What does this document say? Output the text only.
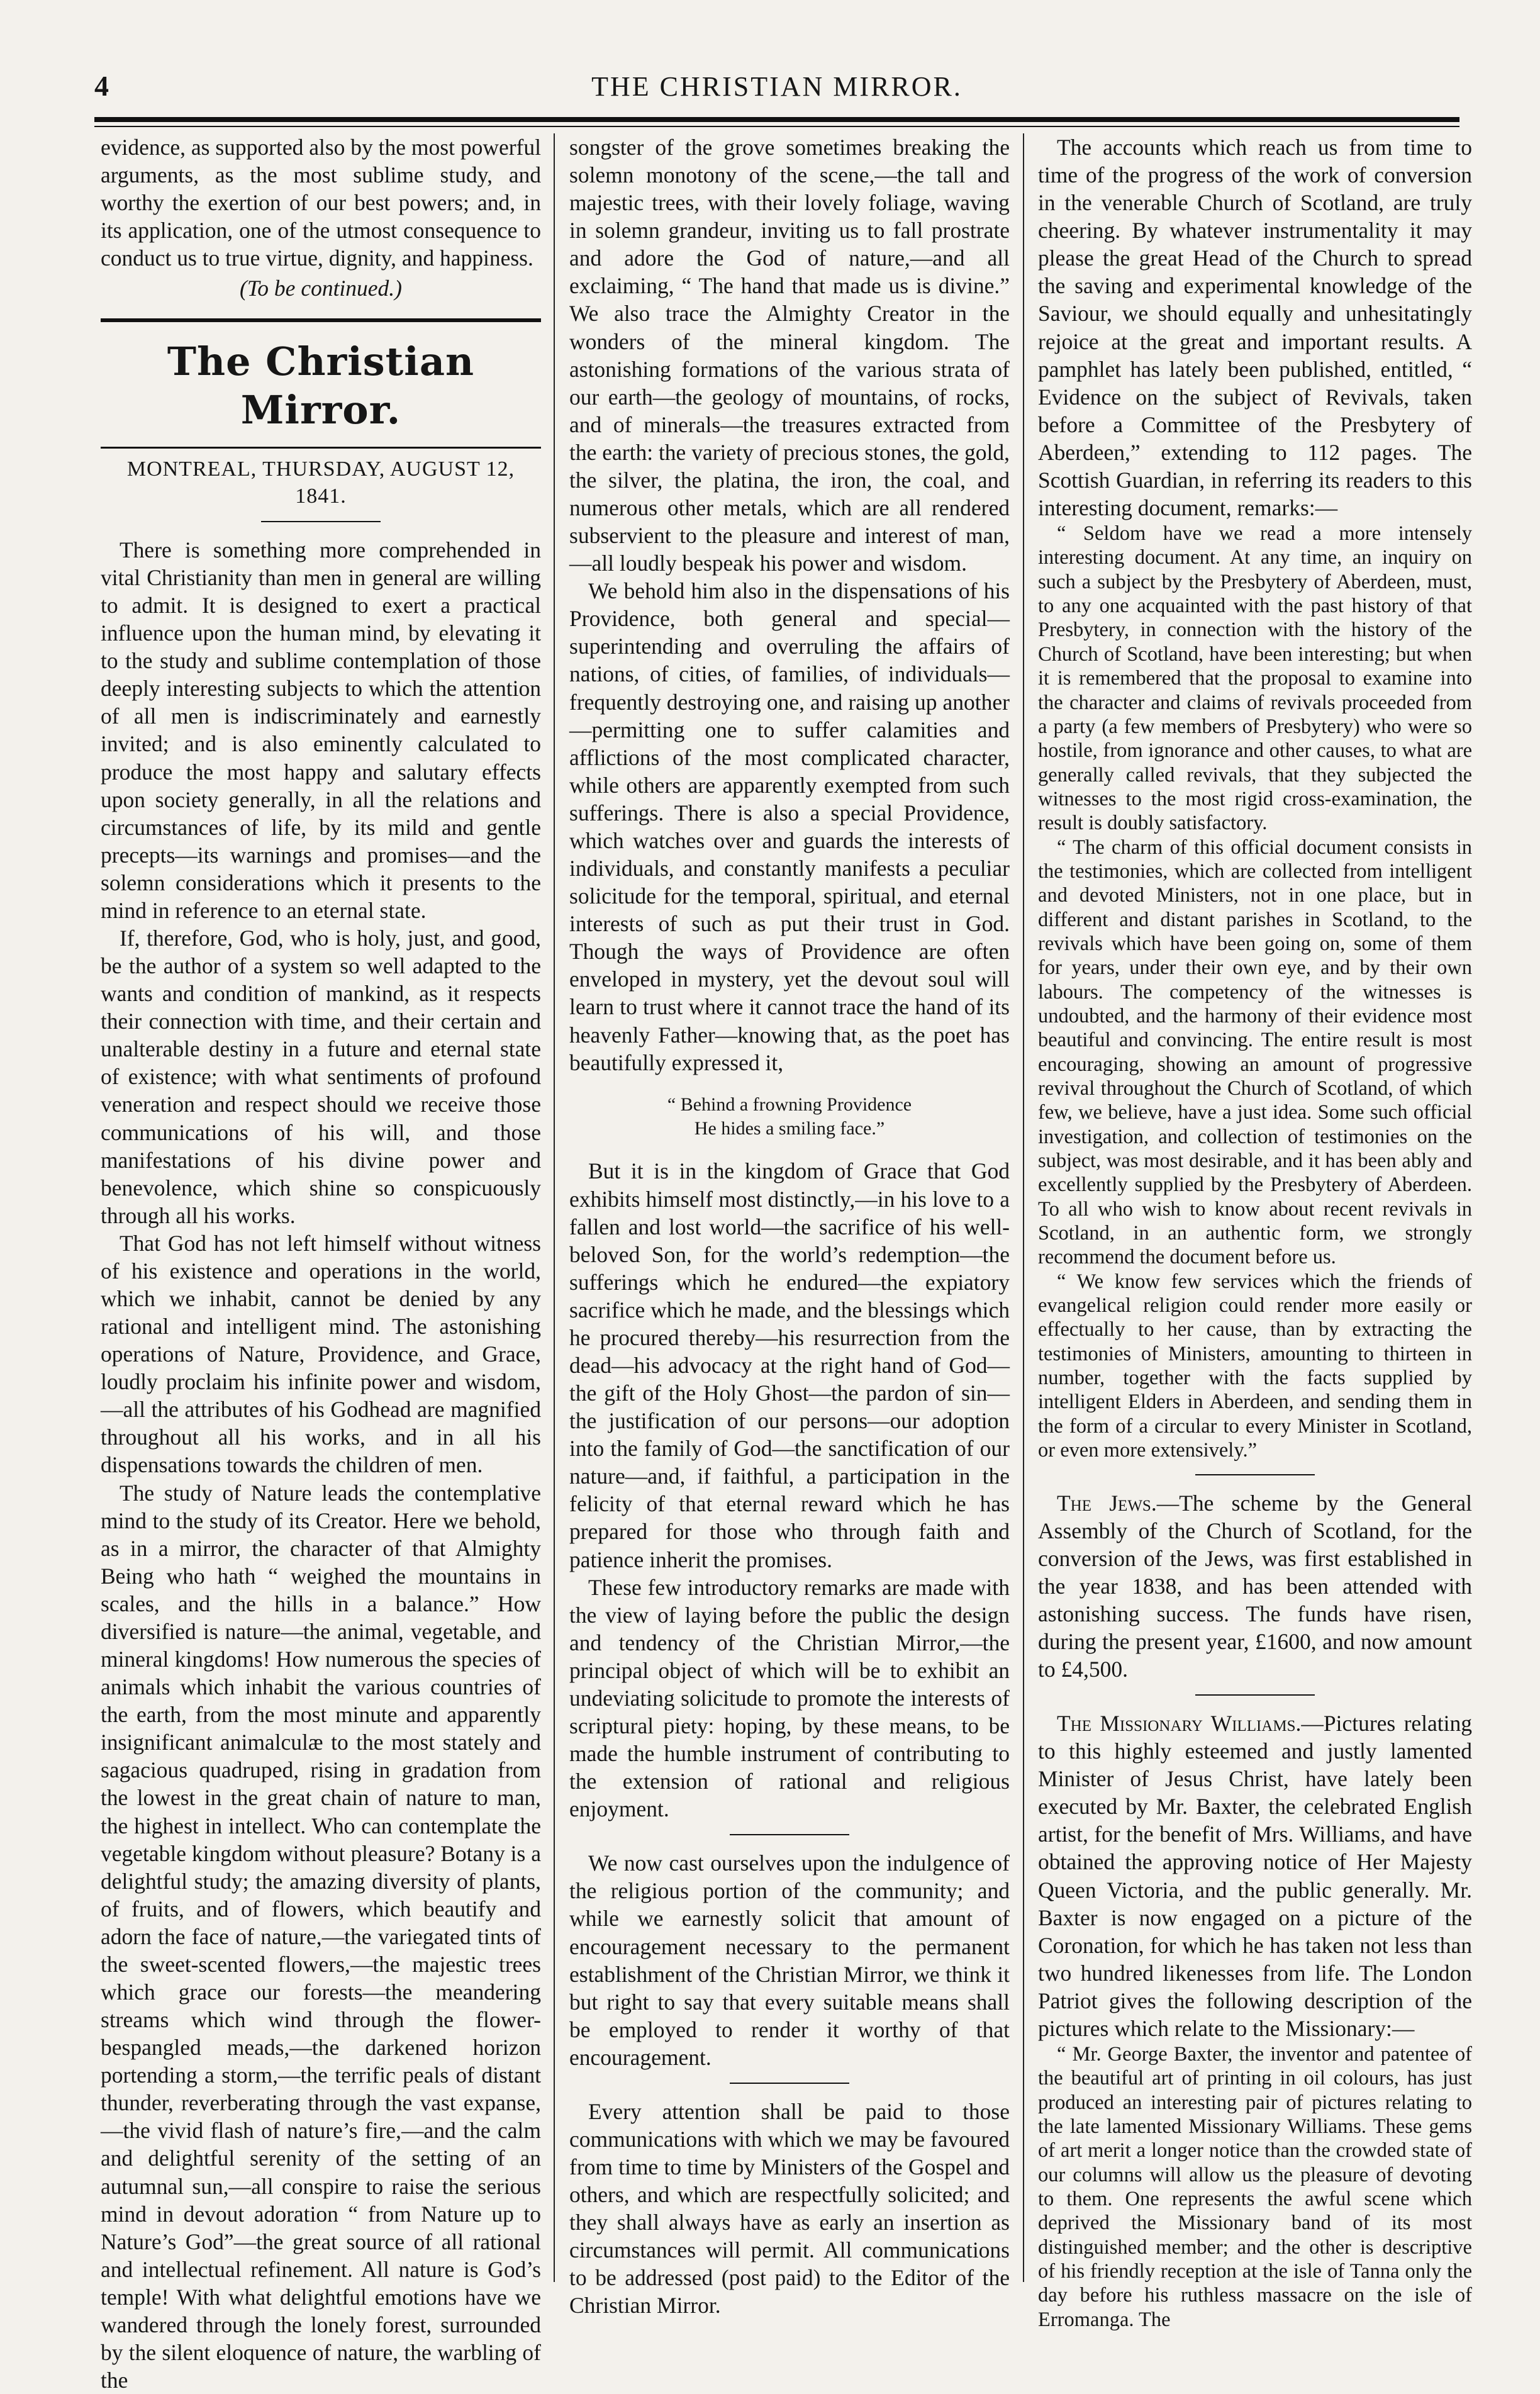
4	THE CHRISTIAN MIRROR.

evidence, as supported also by the most powerful arguments, as the most sublime study, and worthy the exertion of our best powers; and, in its application, one of the utmost consequence to conduct us to true virtue, dignity, and happiness.

(To be continued.)

The Christian Mirror.

MONTREAL, THURSDAY, AUGUST 12, 1841.

There is something more comprehended in vital Christianity than men in general are willing to admit. It is designed to exert a practical influence upon the human mind, by elevating it to the study and sublime contemplation of those deeply interesting subjects to which the attention of all men is indiscriminately and earnestly invited; and is also eminently calculated to produce the most happy and salutary effects upon society generally, in all the relations and circumstances of life, by its mild and gentle precepts—its warnings and promises—and the solemn considerations which it presents to the mind in reference to an eternal state.

If, therefore, God, who is holy, just, and good, be the author of a system so well adapted to the wants and condition of mankind, as it respects their connection with time, and their certain and unalterable destiny in a future and eternal state of existence; with what sentiments of profound veneration and respect should we receive those communications of his will, and those manifestations of his divine power and benevolence, which shine so conspicuously through all his works.

That God has not left himself without witness of his existence and operations in the world, which we inhabit, cannot be denied by any rational and intelligent mind. The astonishing operations of Nature, Providence, and Grace, loudly proclaim his infinite power and wisdom,—all the attributes of his Godhead are magnified throughout all his works, and in all his dispensations towards the children of men.

The study of Nature leads the contemplative mind to the study of its Creator. Here we behold, as in a mirror, the character of that Almighty Being who hath “ weighed the mountains in scales, and the hills in a balance.” How diversified is nature—the animal, vegetable, and mineral kingdoms! How numerous the species of animals which inhabit the various countries of the earth, from the most minute and apparently insignificant animalculæ to the most stately and sagacious quadruped, rising in gradation from the lowest in the great chain of nature to man, the highest in intellect. Who can contemplate the vegetable kingdom without pleasure? Botany is a delightful study; the amazing diversity of plants, of fruits, and of flowers, which beautify and adorn the face of nature,—the variegated tints of the sweet-scented flowers,—the majestic trees which grace our forests—the meandering streams which wind through the flower-bespangled meads,—the darkened horizon portending a storm,—the terrific peals of distant thunder, reverberating through the vast expanse,—the vivid flash of nature’s fire,—and the calm and delightful serenity of the setting of an autumnal sun,—all conspire to raise the serious mind in devout adoration “ from Nature up to Nature’s God”—the great source of all rational and intellectual refinement. All nature is God’s temple! With what delightful emotions have we wandered through the lonely forest, surrounded by the silent eloquence of nature, the warbling of the

songster of the grove sometimes breaking the solemn monotony of the scene,—the tall and majestic trees, with their lovely foliage, waving in solemn grandeur, inviting us to fall prostrate and adore the God of nature,—and all exclaiming, “ The hand that made us is divine.” We also trace the Almighty Creator in the wonders of the mineral kingdom. The astonishing formations of the various strata of our earth—the geology of mountains, of rocks, and of minerals—the treasures extracted from the earth: the variety of precious stones, the gold, the silver, the platina, the iron, the coal, and numerous other metals, which are all rendered subservient to the pleasure and interest of man,—all loudly bespeak his power and wisdom.

We behold him also in the dispensations of his Providence, both general and special—superintending and overruling the affairs of nations, of cities, of families, of individuals—frequently destroying one, and raising up another—permitting one to suffer calamities and afflictions of the most complicated character, while others are apparently exempted from such sufferings. There is also a special Providence, which watches over and guards the interests of individuals, and constantly manifests a peculiar solicitude for the temporal, spiritual, and eternal interests of such as put their trust in God. Though the ways of Providence are often enveloped in mystery, yet the devout soul will learn to trust where it cannot trace the hand of its heavenly Father—knowing that, as the poet has beautifully expressed it,

“ Behind a frowning Providence
He hides a smiling face.”

But it is in the kingdom of Grace that God exhibits himself most distinctly,—in his love to a fallen and lost world—the sacrifice of his well-beloved Son, for the world’s redemption—the sufferings which he endured—the expiatory sacrifice which he made, and the blessings which he procured thereby—his resurrection from the dead—his advocacy at the right hand of God—the gift of the Holy Ghost—the pardon of sin—the justification of our persons—our adoption into the family of God—the sanctification of our nature—and, if faithful, a participation in the felicity of that eternal reward which he has prepared for those who through faith and patience inherit the promises.

These few introductory remarks are made with the view of laying before the public the design and tendency of the Christian Mirror,—the principal object of which will be to exhibit an undeviating solicitude to promote the interests of scriptural piety: hoping, by these means, to be made the humble instrument of contributing to the extension of rational and religious enjoyment.

We now cast ourselves upon the indulgence of the religious portion of the community; and while we earnestly solicit that amount of encouragement necessary to the permanent establishment of the Christian Mirror, we think it but right to say that every suitable means shall be employed to render it worthy of that encouragement.

Every attention shall be paid to those communications with which we may be favoured from time to time by Ministers of the Gospel and others, and which are respectfully solicited; and they shall always have as early an insertion as circumstances will permit. All communications to be addressed (post paid) to the Editor of the Christian Mirror.

The accounts which reach us from time to time of the progress of the work of conversion in the venerable Church of Scotland, are truly cheering. By whatever instrumentality it may please the great Head of the Church to spread the saving and experimental knowledge of the Saviour, we should equally and unhesitatingly rejoice at the great and important results. A pamphlet has lately been published, entitled, “ Evidence on the subject of Revivals, taken before a Committee of the Presbytery of Aberdeen,” extending to 112 pages. The Scottish Guardian, in referring its readers to this interesting document, remarks:—

“ Seldom have we read a more intensely interesting document. At any time, an inquiry on such a subject by the Presbytery of Aberdeen, must, to any one acquainted with the past history of that Presbytery, in connection with the history of the Church of Scotland, have been interesting; but when it is remembered that the proposal to examine into the character and claims of revivals proceeded from a party (a few members of Presbytery) who were so hostile, from ignorance and other causes, to what are generally called revivals, that they subjected the witnesses to the most rigid cross-examination, the result is doubly satisfactory.

“ The charm of this official document consists in the testimonies, which are collected from intelligent and devoted Ministers, not in one place, but in different and distant parishes in Scotland, to the revivals which have been going on, some of them for years, under their own eye, and by their own labours. The competency of the witnesses is undoubted, and the harmony of their evidence most beautiful and convincing. The entire result is most encouraging, showing an amount of progressive revival throughout the Church of Scotland, of which few, we believe, have a just idea. Some such official investigation, and collection of testimonies on the subject, was most desirable, and it has been ably and excellently supplied by the Presbytery of Aberdeen. To all who wish to know about recent revivals in Scotland, in an authentic form, we strongly recommend the document before us.

“ We know few services which the friends of evangelical religion could render more easily or effectually to her cause, than by extracting the testimonies of Ministers, amounting to thirteen in number, together with the facts supplied by intelligent Elders in Aberdeen, and sending them in the form of a circular to every Minister in Scotland, or even more extensively.”

The Jews.—The scheme by the General Assembly of the Church of Scotland, for the conversion of the Jews, was first established in the year 1838, and has been attended with astonishing success. The funds have risen, during the present year, £1600, and now amount to £4,500.

The Missionary Williams.—Pictures relating to this highly esteemed and justly lamented Minister of Jesus Christ, have lately been executed by Mr. Baxter, the celebrated English artist, for the benefit of Mrs. Williams, and have obtained the approving notice of Her Majesty Queen Victoria, and the public generally. Mr. Baxter is now engaged on a picture of the Coronation, for which he has taken not less than two hundred likenesses from life. The London Patriot gives the following description of the pictures which relate to the Missionary:—

“ Mr. George Baxter, the inventor and patentee of the beautiful art of printing in oil colours, has just produced an interesting pair of pictures relating to the late lamented Missionary Williams. These gems of art merit a longer notice than the crowded state of our columns will allow us the pleasure of devoting to them. One represents the awful scene which deprived the Missionary band of its most distinguished member; and the other is descriptive of his friendly reception at the isle of Tanna only the day before his ruthless massacre on the isle of Erromanga. The
